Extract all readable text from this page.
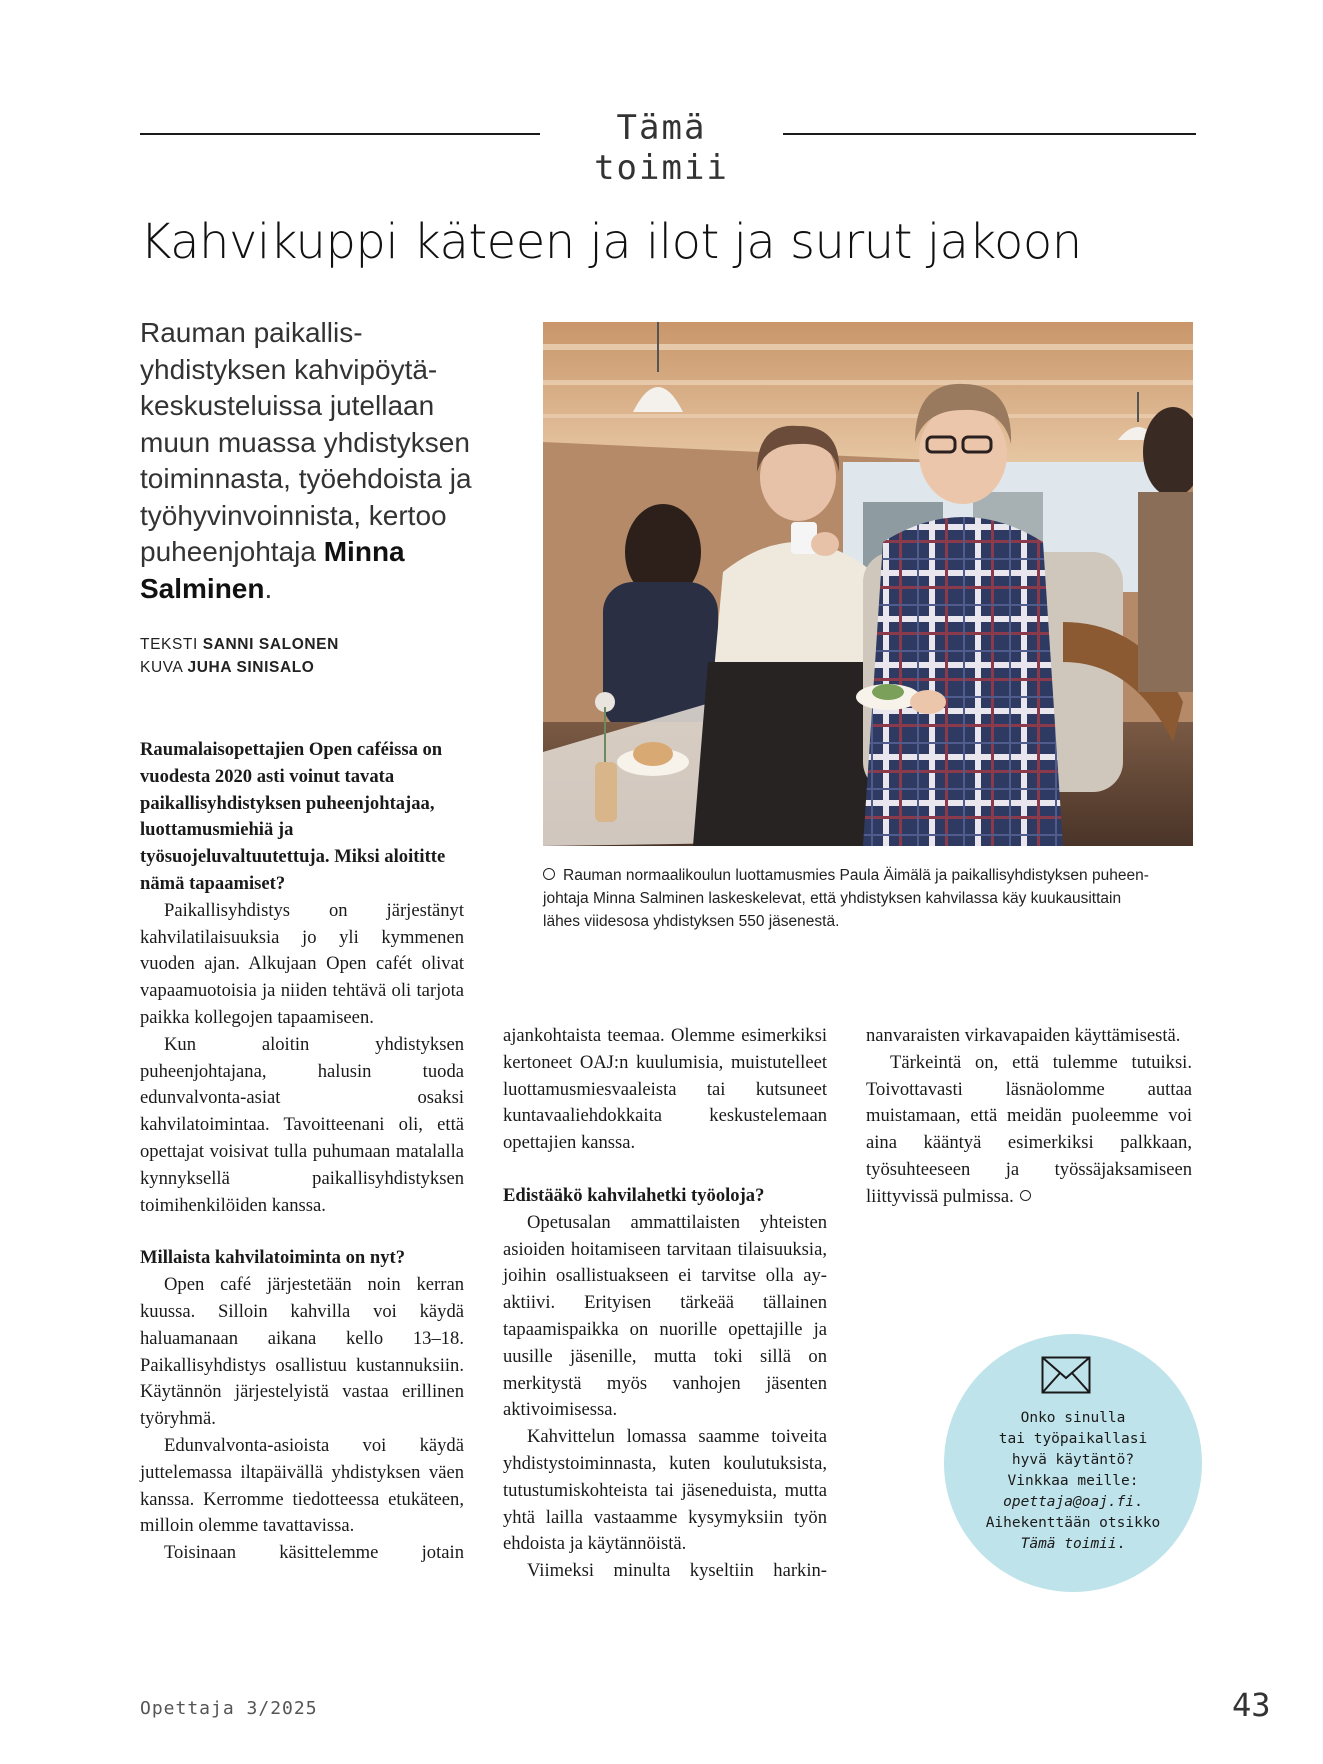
Tämä toimii
Kahvikuppi käteen ja ilot ja surut jakoon
Rauman paikallis-
yhdistyksen kahvipöytä-
keskusteluissa jutellaan
muun muassa yhdistyksen
toiminnasta, työehdoista ja
työhyvinvoinnista, kertoo
puheenjohtaja Minna
Salminen.
TEKSTI SANNI SALONEN
KUVA JUHA SINISALO
Rauman normaalikoulun luottamusmies Paula Äimälä ja paikallisyhdistyksen puheen-
johtaja Minna Salminen laskeskelevat, että yhdistyksen kahvilassa käy kuukausittain
lähes viidesosa yhdistyksen 550 jäsenestä.

Raumalaisopettajien Open caféissa on vuodesta 2020 asti voinut tavata paikallisyhdistyksen puheenjohtajaa, luottamusmiehiä ja työsuojeluvaltuutettuja. Miksi aloititte nämä tapaamiset?

Paikallisyhdistys on järjestänyt kahvilatilaisuuksia jo yli kymmenen vuoden ajan. Alkujaan Open cafét olivat vapaamuotoisia ja niiden tehtävä oli tarjota paikka kollegojen tapaamiseen.

Kun aloitin yhdistyksen puheenjohtajana, halusin tuoda edunvalvonta-asiat osaksi kahvilatoimintaa. Tavoitteenani oli, että opettajat voisivat tulla puhumaan matalalla kynnyksellä paikallisyhdistyksen toimihenkilöiden kanssa.

Millaista kahvilatoiminta on nyt?

Open café järjestetään noin kerran kuussa. Silloin kahvilla voi käydä haluamanaan aikana kello 13–18. Paikallisyhdistys osallistuu kustannuksiin. Käytännön järjestelyistä vastaa erillinen työryhmä.

Edunvalvonta-asioista voi käydä juttelemassa iltapäivällä yhdistyksen väen kanssa. Kerromme tiedotteessa etukäteen, milloin olemme tavattavissa.

Toisinaan käsittelemme jotain

ajankohtaista teemaa. Olemme esimerkiksi kertoneet OAJ:n kuulumisia, muistutelleet luottamusmiesvaaleista tai kutsuneet kuntavaaliehdokkaita keskustelemaan opettajien kanssa.

Edistääkö kahvilahetki työoloja?

Opetusalan ammattilaisten yhteisten asioiden hoitamiseen tarvitaan tilaisuuksia, joihin osallistuakseen ei tarvitse olla ay-aktiivi. Erityisen tärkeää tällainen tapaamispaikka on nuorille opettajille ja uusille jäsenille, mutta toki sillä on merkitystä myös vanhojen jäsenten aktivoimisessa.

Kahvittelun lomassa saamme toiveita yhdistystoiminnasta, kuten koulutuksista, tutustumiskohteista tai jäseneduista, mutta yhtä lailla vastaamme kysymyksiin työn ehdoista ja käytännöistä.

Viimeksi minulta kyseltiin harkin-

nanvaraisten virkavapaiden käyttämisestä.

Tärkeintä on, että tulemme tutuiksi. Toivottavasti läsnäolomme auttaa muistamaan, että meidän puoleemme voi aina kääntyä esimerkiksi palkkaan, työsuhteeseen ja työssäjaksamiseen liittyvissä pulmissa.

Onko sinulla
tai työpaikallasi
hyvä käytäntö?
Vinkkaa meille:
opettaja@oaj.fi.
Aihekenttään otsikko
Tämä toimii.
Opettaja 3/2025	43
